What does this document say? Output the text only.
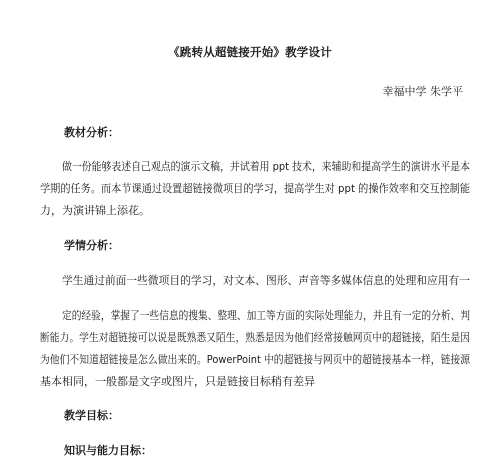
《跳转从超链接开始》教学设计
幸福中学 朱学平
教材分析：
做一份能够表述自己观点的演示文稿，并试着用 ppt 技术，来辅助和提高学生的演讲水平是本
学期的任务。而本节课通过设置超链接微项目的学习，提高学生对 ppt 的操作效率和交互控制能
力，为演讲锦上添花。
学情分析：
学生通过前面一些微项目的学习，对文本、图形、声音等多媒体信息的处理和应用有一
定的经验，掌握了一些信息的搜集、整理、加工等方面的实际处理能力，并且有一定的分析、判
断能力。学生对超链接可以说是既熟悉又陌生，熟悉是因为他们经常接触网页中的超链接，陌生是因
为他们不知道超链接是怎么做出来的。PowerPoint 中的超链接与网页中的超链接基本一样，链接源
基本相同，一般都是文字或图片，只是链接目标稍有差异
教学目标：
知识与能力目标：
